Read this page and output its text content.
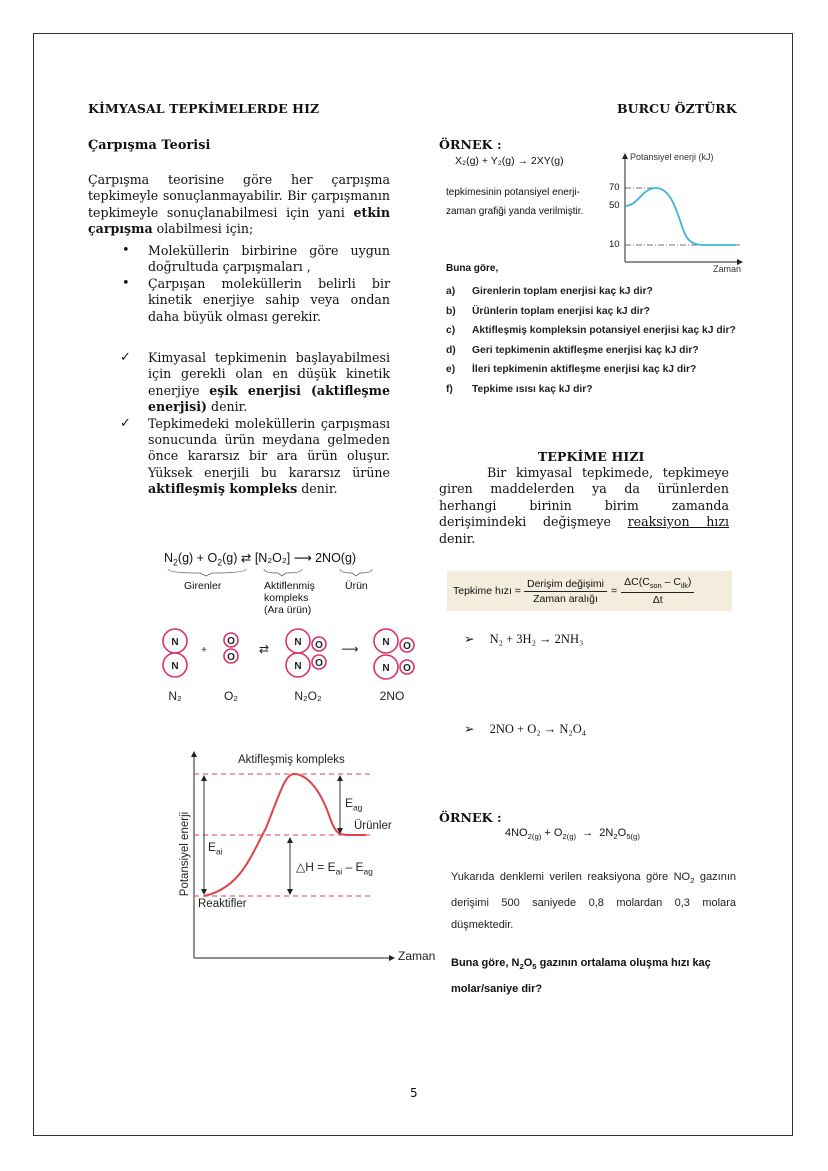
KİMYASAL TEPKİMELERDE HIZ	BURCU ÖZTÜRK
Çarpışma Teorisi
Çarpışma teorisine göre her çarpışma tepkimeyle sonuçlanmayabilir. Bir çarpışmanın tepkimeyle sonuçlanabilmesi için yani etkin çarpışma olabilmesi için;
• Moleküllerin birbirine göre uygun doğrultuda çarpışmaları ,
• Çarpışan moleküllerin belirli bir kinetik enerjiye sahip veya ondan daha büyük olması gerekir.
✓ Kimyasal tepkimenin başlayabilmesi için gerekli olan en düşük kinetik enerjiye eşik enerjisi (aktifleşme enerjisi) denir.
✓ Tepkimedeki moleküllerin çarpışması sonucunda ürün meydana gelmeden önce kararsız bir ara ürün oluşur. Yüksek enerjili bu kararsız ürüne aktifleşmiş kompleks denir.
$N_2(g) + O_2(g)$ ⇄ [N₂O₂] ⟶ 2NO(g)
Girenler	Aktiflenmiş
kompleks
(Ara ürün)
Ürün
N
N
O
O
N
N
O
O
N
N
O
O
+	⇄	⟶
N₂	O₂	N₂O₂	2NO
Aktifleşmiş kompleks
Ürünler
Reaktifler
Zaman
Potansiyel enerji $E_{ai}$
$E_{ag}$
△H = $E_{ai} - E_{ag}$
ÖRNEK :
X₂(g) + Y₂(g) → 2XY(g)
tepkimesinin potansiyel enerji-
zaman grafiği yanda verilmiştir.
Buna göre,
Potansiyel enerji (kJ)
70
50
10
Zaman
a)	Girenlerin toplam enerjisi kaç kJ dir?
b)	Ürünlerin toplam enerjisi kaç kJ dir?
c)	Aktifleşmiş kompleksin potansiyel enerjisi kaç kJ dir?
d)	Geri tepkimenin aktifleşme enerjisi kaç kJ dir?
e)	İleri tepkimenin aktifleşme enerjisi kaç kJ dir?
f)	Tepkime ısısı kaç kJ dir?
TEPKİME HIZI
Bir kimyasal tepkimede, tepkimeye giren maddelerden ya da ürünlerden herhangi birinin birim zamanda derişimindeki değişmeye reaksiyon hızı denir.
Tepkime hızı = $\frac{\text{Derişim değişimi}}{\text{Zaman aralığı}} = \frac{\Delta C(C_{son} - C_{ilk})}{\Delta t}$
➢ N₂ + 3H₂ → 2NH₃
➢ 2NO + O₂ → N₂O₄
ÖRNEK :
$4NO_{2(g)} + O_{2(g)} \to 2N_2O_{5(g)}$
Yukarıda denklemi verilen reaksiyona göre $NO_2$ gazının derişimi 500 saniyede 0,8 molardan 0,3 molara düşmektedir.
Buna göre, $N_2O_5$ gazının ortalama oluşma hızı kaç molar/saniye dir?
5
